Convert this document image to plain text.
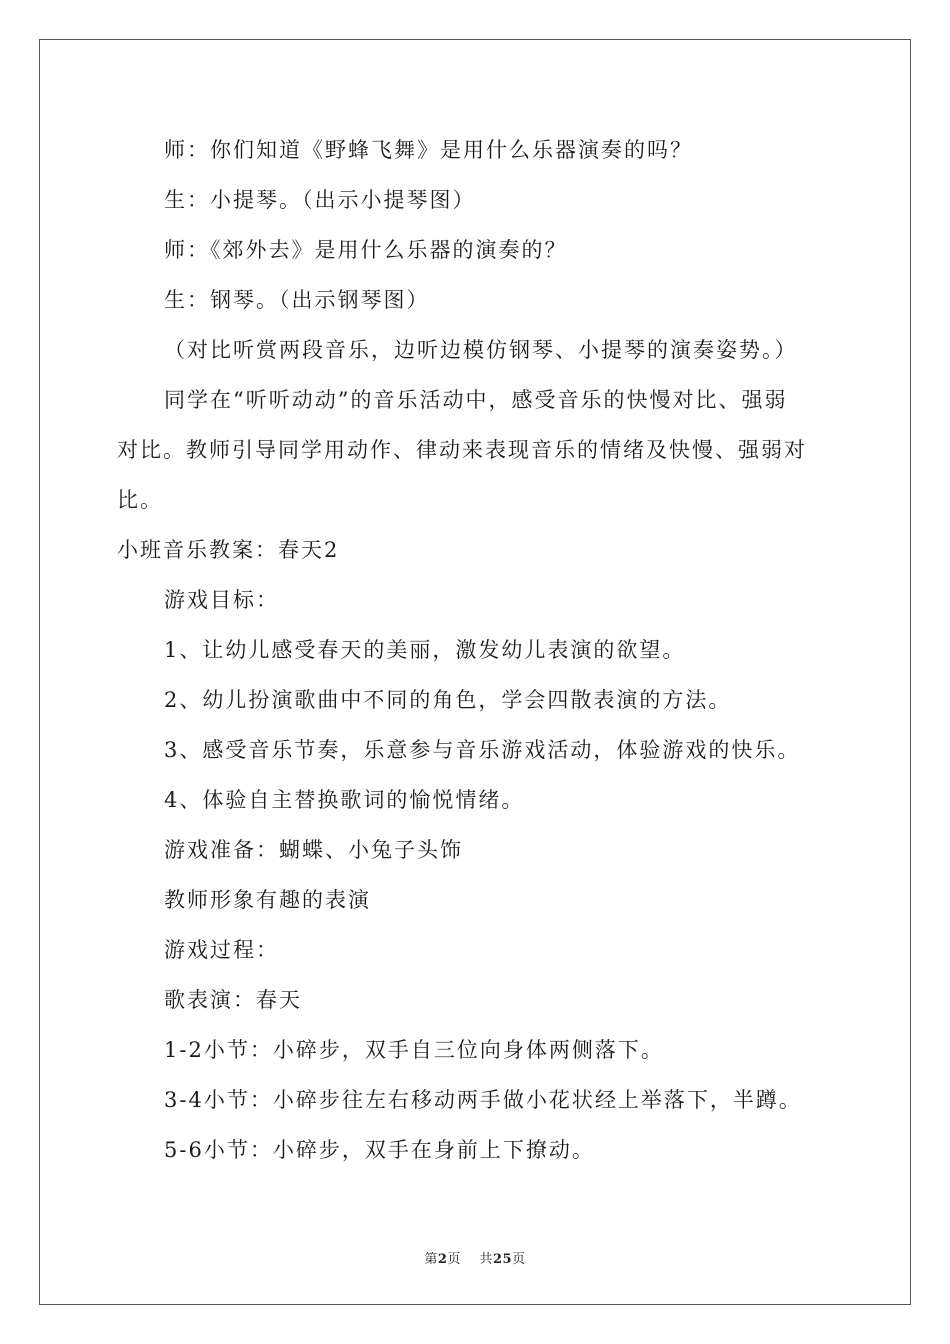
师：你们知道《野蜂飞舞》是用什么乐器演奏的吗？
生：小提琴。（出示小提琴图）
师：《郊外去》是用什么乐器的演奏的？
生：钢琴。（出示钢琴图）
（对比听赏两段音乐，边听边模仿钢琴、小提琴的演奏姿势。）
同学在“听听动动”的音乐活动中，感受音乐的快慢对比、强弱
对比。教师引导同学用动作、律动来表现音乐的情绪及快慢、强弱对
比。
小班音乐教案：春天2
游戏目标：
1、让幼儿感受春天的美丽，激发幼儿表演的欲望。
2、幼儿扮演歌曲中不同的角色，学会四散表演的方法。
3、感受音乐节奏，乐意参与音乐游戏活动，体验游戏的快乐。
4、体验自主替换歌词的愉悦情绪。
游戏准备：蝴蝶、小兔子头饰
教师形象有趣的表演
游戏过程：
歌表演：春天
1-2小节：小碎步，双手自三位向身体两侧落下。
3-4小节：小碎步往左右移动两手做小花状经上举落下，半蹲。
5-6小节：小碎步，双手在身前上下撩动。
第2页 共25页
